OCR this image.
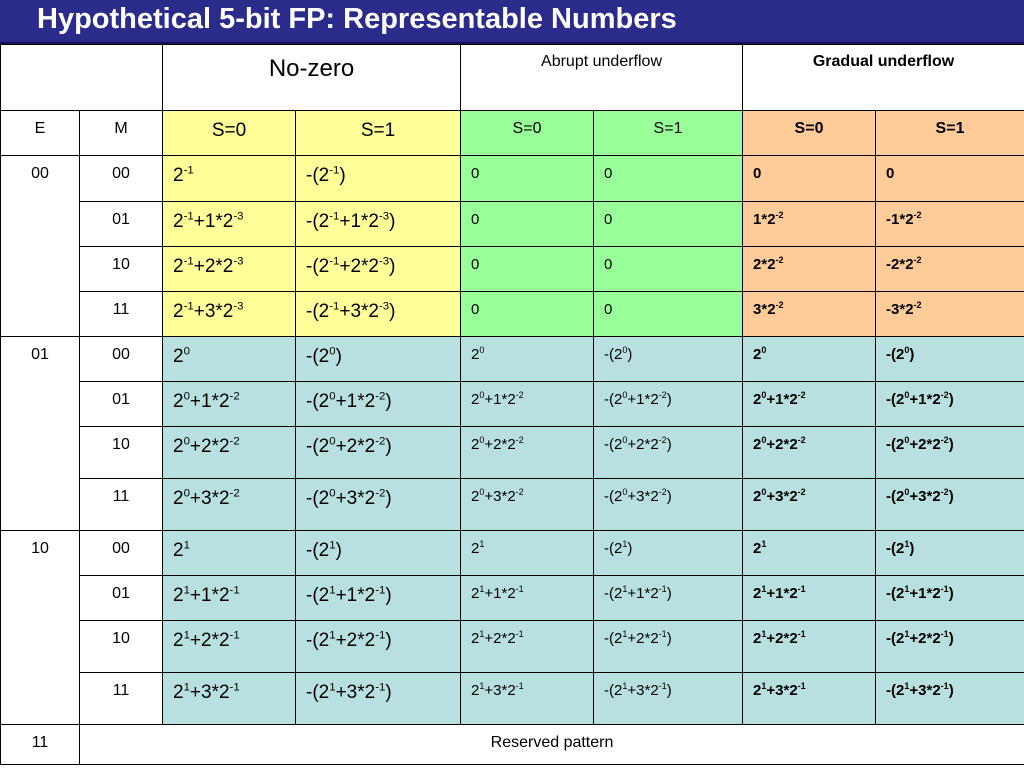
Hypothetical 5-bit FP: Representable Numbers

		No-zero		Abrupt underflow		Gradual underflow	

E	M	S=0	S=1	S=0	S=1	S=0	S=1

00	00	$2^{-1}$	$-(2^{-1})$	0	0	0	0

	01	$2^{-1}+1*2^{-3}$	$-(2^{-1}+1*2^{-3})$	0	0	$1*2^{-2}$	$-1*2^{-2}$

	10	$2^{-1}+2*2^{-3}$	$-(2^{-1}+2*2^{-3})$	0	0	$2*2^{-2}$	$-2*2^{-2}$

	11	$2^{-1}+3*2^{-3}$	$-(2^{-1}+3*2^{-3})$	0	0	$3*2^{-2}$	$-3*2^{-2}$

01	00	$2^0$	$-(2^0)$	$2^0$	$-(2^0)$	$2^0$	$-(2^0)$

	01	$2^0+1*2^{-2}$	$-(2^0+1*2^{-2})$	$2^0+1*2^{-2}$	$-(2^0+1*2^{-2})$	$2^0+1*2^{-2}$	$-(2^0+1*2^{-2})$

	10	$2^0+2*2^{-2}$	$-(2^0+2*2^{-2})$	$2^0+2*2^{-2}$	$-(2^0+2*2^{-2})$	$2^0+2*2^{-2}$	$-(2^0+2*2^{-2})$

	11	$2^0+3*2^{-2}$	$-(2^0+3*2^{-2})$	$2^0+3*2^{-2}$	$-(2^0+3*2^{-2})$	$2^0+3*2^{-2}$	$-(2^0+3*2^{-2})$

10	00	$2^1$	$-(2^1)$	$2^1$	$-(2^1)$	$2^1$	$-(2^1)$

	01	$2^1+1*2^{-1}$	$-(2^1+1*2^{-1})$	$2^1+1*2^{-1}$	$-(2^1+1*2^{-1})$	$2^1+1*2^{-1}$	$-(2^1+1*2^{-1})$

	10	$2^1+2*2^{-1}$	$-(2^1+2*2^{-1})$	$2^1+2*2^{-1}$	$-(2^1+2*2^{-1})$	$2^1+2*2^{-1}$	$-(2^1+2*2^{-1})$

	11	$2^1+3*2^{-1}$	$-(2^1+3*2^{-1})$	$2^1+3*2^{-1}$	$-(2^1+3*2^{-1})$	$2^1+3*2^{-1}$	$-(2^1+3*2^{-1})$

11	Reserved pattern						
